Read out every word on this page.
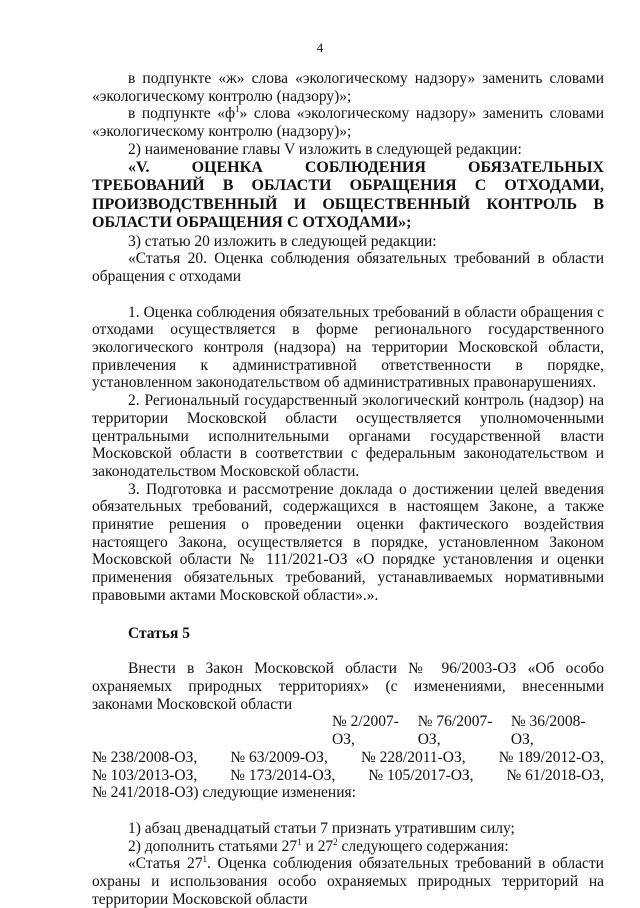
4

в подпункте «ж» слова «экологическому надзору» заменить словами «экологическому контролю (надзору)»;

в подпункте «$ф^1$» слова «экологическому надзору» заменить словами «экологическому контролю (надзору)»;

2) наименование главы V изложить в следующей редакции:

«V. ОЦЕНКА СОБЛЮДЕНИЯ ОБЯЗАТЕЛЬНЫХ ТРЕБОВАНИЙ В ОБЛАСТИ ОБРАЩЕНИЯ С ОТХОДАМИ, ПРОИЗВОДСТВЕННЫЙ И ОБЩЕСТВЕННЫЙ КОНТРОЛЬ В ОБЛАСТИ ОБРАЩЕНИЯ С ОТХОДАМИ»;

3) статью 20 изложить в следующей редакции:

«Статья 20. Оценка соблюдения обязательных требований в области обращения с отходами

1. Оценка соблюдения обязательных требований в области обращения с отходами осуществляется в форме регионального государственного экологического контроля (надзора) на территории Московской области, привлечения к административной ответственности в порядке, установленном законодательством об административных правонарушениях.

2. Региональный государственный экологический контроль (надзор) на территории Московской области осуществляется уполномоченными центральными исполнительными органами государственной власти Московской области в соответствии с федеральным законодательством и законодательством Московской области.

3. Подготовка и рассмотрение доклада о достижении целей введения обязательных требований, содержащихся в настоящем Законе, а также принятие решения о проведении оценки фактического воздействия настоящего Закона, осуществляется в порядке, установленном Законом Московской области № 111/2021-ОЗ «О порядке установления и оценки применения обязательных требований, устанавливаемых нормативными правовыми актами Московской области».».

Статья 5

Внести в Закон Московской области № 96/2003-ОЗ «Об особо охраняемых природных территориях» (с изменениями, внесенными законами Московской области

№ 2/2007-ОЗ,
№ 76/2007-ОЗ,
№ 36/2008-ОЗ,
№ 238/2008-ОЗ, № 63/2009-ОЗ, № 228/2011-ОЗ, № 189/2012-ОЗ,
№ 103/2013-ОЗ, № 173/2014-ОЗ, № 105/2017-ОЗ, № 61/2018-ОЗ,

№ 241/2018-ОЗ) следующие изменения:

1) абзац двенадцатый статьи 7 признать утратившим силу;

2) дополнить статьями $27^1$ и $27^2$ следующего содержания:

«Статья $27^1$. Оценка соблюдения обязательных требований в области охраны и использования особо охраняемых природных территорий на территории Московской области
